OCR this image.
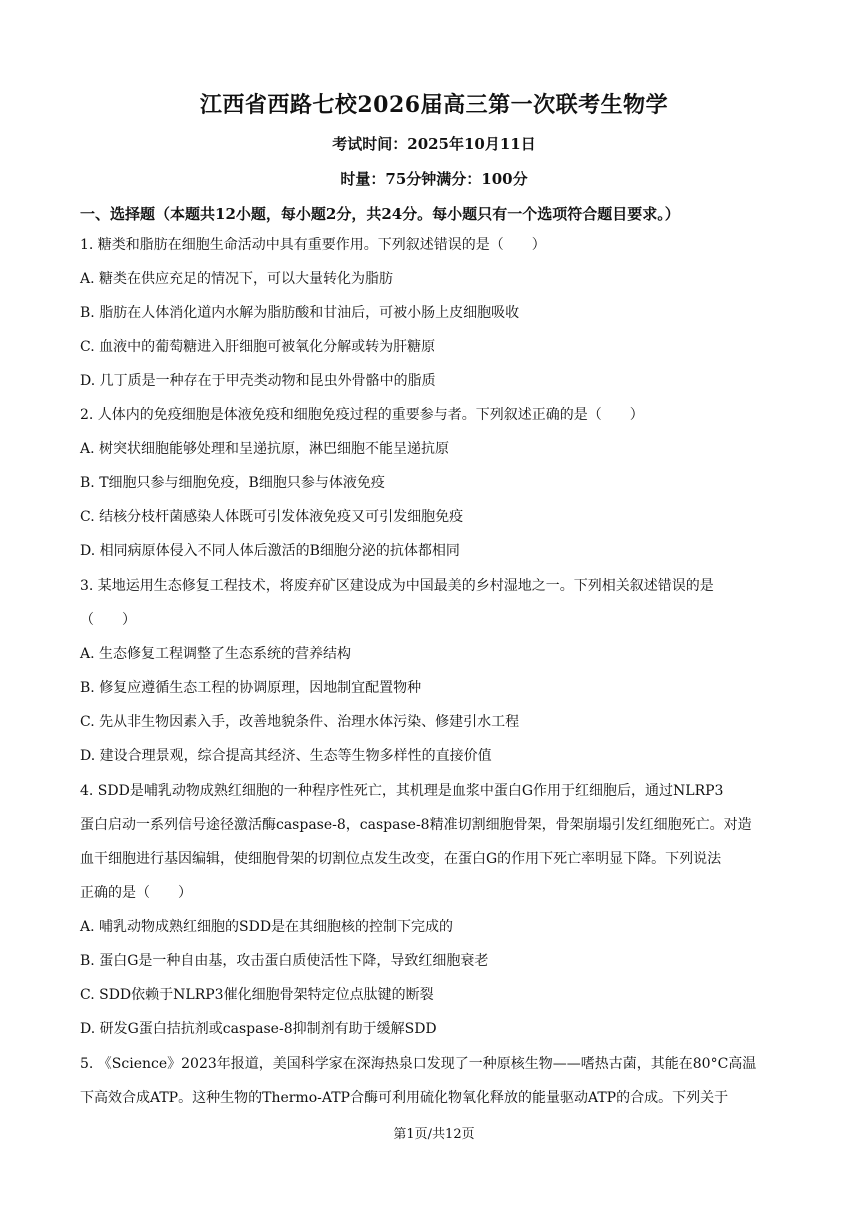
江西省西路七校2026届高三第一次联考生物学
考试时间：2025年10月11日
时量：75分钟满分：100分
一、选择题（本题共12小题，每小题2分，共24分。每小题只有一个选项符合题目要求。）
1. 糖类和脂肪在细胞生命活动中具有重要作用。下列叙述错误的是（　　）
A. 糖类在供应充足的情况下，可以大量转化为脂肪
B. 脂肪在人体消化道内水解为脂肪酸和甘油后，可被小肠上皮细胞吸收
C. 血液中的葡萄糖进入肝细胞可被氧化分解或转为肝糖原
D. 几丁质是一种存在于甲壳类动物和昆虫外骨骼中的脂质
2. 人体内的免疫细胞是体液免疫和细胞免疫过程的重要参与者。下列叙述正确的是（　　）
A. 树突状细胞能够处理和呈递抗原，淋巴细胞不能呈递抗原
B. T细胞只参与细胞免疫，B细胞只参与体液免疫
C. 结核分枝杆菌感染人体既可引发体液免疫又可引发细胞免疫
D. 相同病原体侵入不同人体后激活的B细胞分泌的抗体都相同
3. 某地运用生态修复工程技术，将废弃矿区建设成为中国最美的乡村湿地之一。下列相关叙述错误的是
（　　）
A. 生态修复工程调整了生态系统的营养结构
B. 修复应遵循生态工程的协调原理，因地制宜配置物种
C. 先从非生物因素入手，改善地貌条件、治理水体污染、修建引水工程
D. 建设合理景观，综合提高其经济、生态等生物多样性的直接价值
4. SDD是哺乳动物成熟红细胞的一种程序性死亡，其机理是血浆中蛋白G作用于红细胞后，通过NLRP3
蛋白启动一系列信号途径激活酶caspase-8，caspase-8精准切割细胞骨架，骨架崩塌引发红细胞死亡。对造
血干细胞进行基因编辑，使细胞骨架的切割位点发生改变，在蛋白G的作用下死亡率明显下降。下列说法
正确的是（　　）
A. 哺乳动物成熟红细胞的SDD是在其细胞核的控制下完成的
B. 蛋白G是一种自由基，攻击蛋白质使活性下降，导致红细胞衰老
C. SDD依赖于NLRP3催化细胞骨架特定位点肽键的断裂
D. 研发G蛋白拮抗剂或caspase-8抑制剂有助于缓解SDD
5. 《Science》2023年报道，美国科学家在深海热泉口发现了一种原核生物——嗜热古菌，其能在80°C高温
下高效合成ATP。这种生物的Thermo-ATP合酶可利用硫化物氧化释放的能量驱动ATP的合成。下列关于
第1页/共12页
